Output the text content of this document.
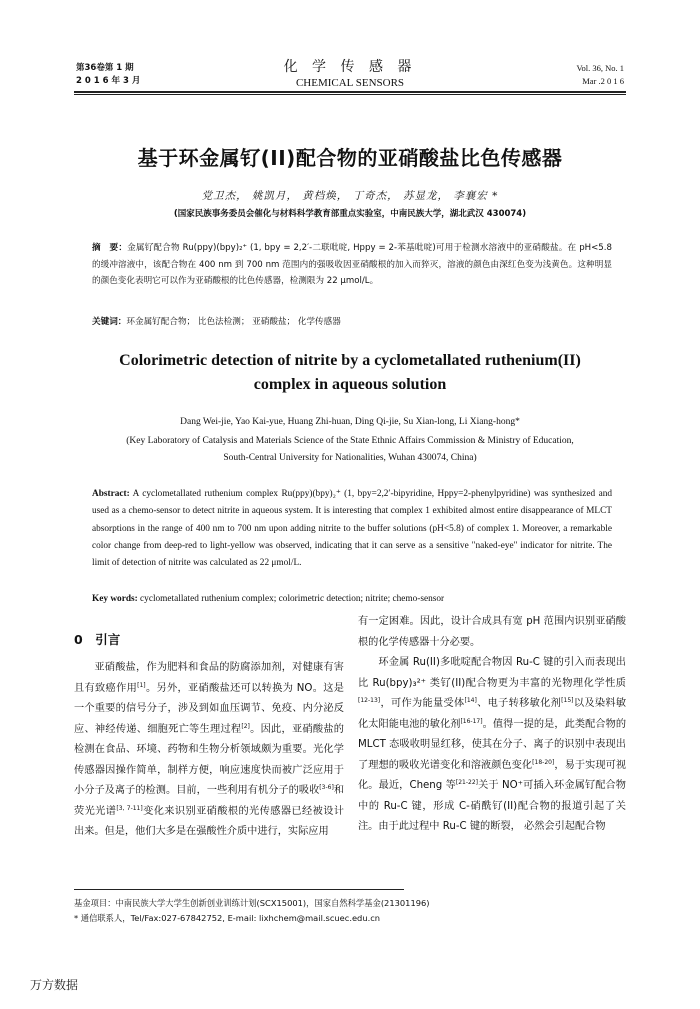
第36卷第 1 期
2 0 1 6 年 3 月
化 学 传 感 器
CHEMICAL SENSORS
Vol. 36, No. 1
Mar .2 0 1 6
基于环金属钌(II)配合物的亚硝酸盐比色传感器
党卫杰， 姚凯月， 黄档焕， 丁奇杰， 苏显龙， 李襄宏 *
(国家民族事务委员会催化与材料科学教育部重点实验室，中南民族大学，湖北武汉 430074)
摘　要：金属钌配合物 Ru(ppy)(bpy)₂⁺ (1, bpy = 2,2′-二联吡啶, Hppy = 2-苯基吡啶)可用于检测水溶液中的亚硝酸盐。在 pH<5.8 的缓冲溶液中，该配合物在 400 nm 到 700 nm 范围内的强吸收因亚硝酸根的加入而猝灭，溶液的颜色由深红色变为浅黄色。这种明显的颜色变化表明它可以作为亚硝酸根的比色传感器，检测限为 22 μmol/L。
关键词：环金属钌配合物； 比色法检测； 亚硝酸盐； 化学传感器
Colorimetric detection of nitrite by a cyclometallated ruthenium(II)
complex in aqueous solution
Dang Wei-jie, Yao Kai-yue, Huang Zhi-huan, Ding Qi-jie, Su Xian-long, Li Xiang-hong*
(Key Laboratory of Catalysis and Materials Science of the State Ethnic Affairs Commission & Ministry of Education,
South-Central University for Nationalities, Wuhan 430074, China)
Abstract: A cyclometallated ruthenium complex Ru(ppy)(bpy)₂⁺ (1, bpy=2,2′-bipyridine, Hppy=2-phenylpyridine) was synthesized and used as a chemo-sensor to detect nitrite in aqueous system. It is interesting that complex 1 exhibited almost entire disappearance of MLCT absorptions in the range of 400 nm to 700 nm upon adding nitrite to the buffer solutions (pH<5.8) of complex 1. Moreover, a remarkable color change from deep-red to light-yellow was observed, indicating that it can serve as a sensitive "naked-eye" indicator for nitrite. The limit of detection of nitrite was calculated as 22 μmol/L.
Key words: cyclometallated ruthenium complex; colorimetric detection; nitrite; chemo-sensor
0　引言

亚硝酸盐，作为肥料和食品的防腐添加剂，对健康有害且有致癌作用[1]。另外，亚硝酸盐还可以转换为 NO。这是一个重要的信号分子，涉及到如血压调节、免疫、内分泌反应、神经传递、细胞死亡等生理过程[2]。因此，亚硝酸盐的检测在食品、环境、药物和生物分析领域颇为重要。光化学传感器因操作简单，制样方便，响应速度快而被广泛应用于小分子及离子的检测。目前，一些利用有机分子的吸收[3-6]和荧光光谱[3, 7-11]变化来识别亚硝酸根的光传感器已经被设计出来。但是，他们大多是在强酸性介质中进行，实际应用

有一定困难。因此，设计合成具有宽 pH 范围内识别亚硝酸根的化学传感器十分必要。

环金属 Ru(II)多吡啶配合物因 Ru-C 键的引入而表现出比 Ru(bpy)₃²⁺ 类钌(II)配合物更为丰富的光物理化学性质[12-13]，可作为能量受体[14]、电子转移敏化剂[15]以及染料敏化太阳能电池的敏化剂[16-17]。值得一提的是，此类配合物的 MLCT 态吸收明显红移，使其在分子、离子的识别中表现出了理想的吸收光谱变化和溶液颜色变化[18-20]，易于实现可视化。最近，Cheng 等[21-22]关于 NO⁺可插入环金属钌配合物中的 Ru-C 键，形成 C-硝酰钌(II)配合物的报道引起了关注。由于此过程中 Ru-C 键的断裂， 必然会引起配合物

基金项目：中南民族大学大学生创新创业训练计划(SCX15001)，国家自然科学基金(21301196)
* 通信联系人，Tel/Fax:027-67842752, E-mail: lixhchem@mail.scuec.edu.cn
万方数据
